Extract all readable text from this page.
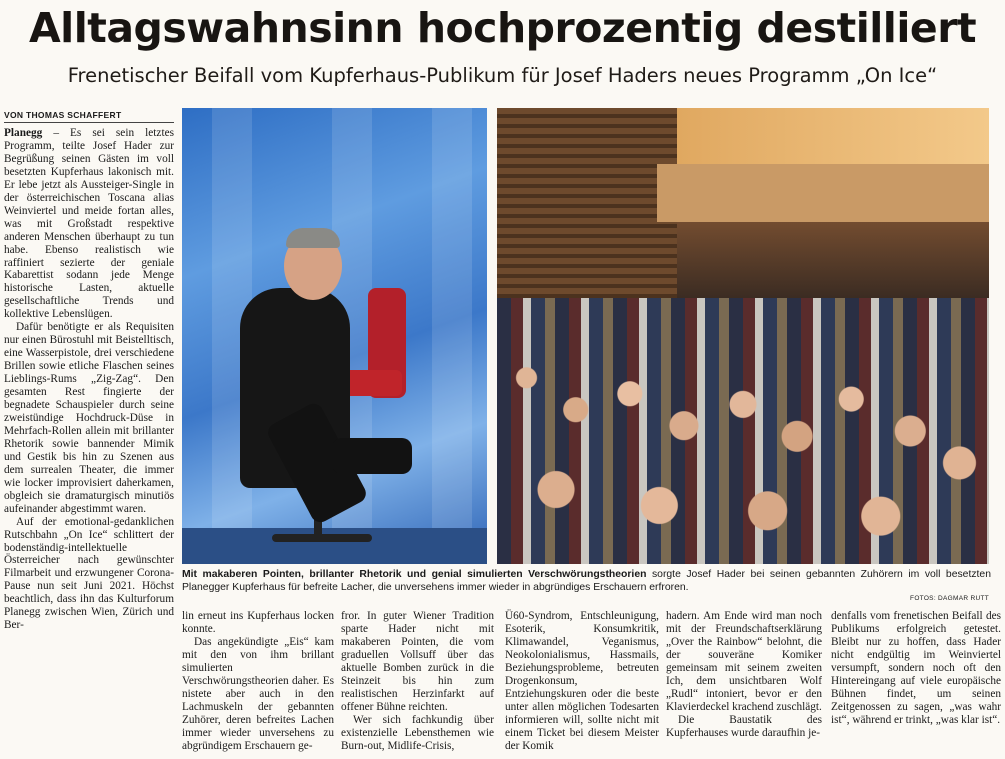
Alltagswahnsinn hochprozentig destilliert
Frenetischer Beifall vom Kupferhaus-Publikum für Josef Haders neues Programm „On Ice“
VON THOMAS SCHAFFERT

Planegg – Es sei sein letztes Programm, teilte Josef Hader zur Begrüßung seinen Gästen im voll besetzten Kupferhaus lakonisch mit. Er lebe jetzt als Aussteiger-Single in der österreichischen Toscana alias Weinviertel und meide fortan alles, was mit Großstadt respektive anderen Menschen überhaupt zu tun habe. Ebenso realistisch wie raffiniert sezierte der geniale Kabarettist sodann jede Menge historische Lasten, aktuelle gesellschaftliche Trends und kollektive Lebenslügen.

Dafür benötigte er als Requisiten nur einen Bürostuhl mit Beistelltisch, eine Wasserpistole, drei verschiedene Brillen sowie etliche Flaschen seines Lieblings-Rums „Zig-Zag“. Den gesamten Rest fingierte der begnadete Schauspieler durch seine zweistündige Hochdruck-Düse in Mehrfach-Rollen allein mit brillanter Rhetorik sowie bannender Mimik und Gestik bis hin zu Szenen aus dem surrealen Theater, die immer wie locker improvisiert daherkamen, obgleich sie dramaturgisch minutiös aufeinander abgestimmt waren.

Auf der emotional-gedanklichen Rutschbahn „On Ice“ schlittert der bodenständig-intellektuelle Österreicher nach gewünschter Filmarbeit und erzwungener Corona-Pause nun seit Juni 2021. Höchst beachtlich, dass ihn das Kulturforum Planegg zwischen Wien, Zürich und Ber-

Mit makaberen Pointen, brillanter Rhetorik und genial simulierten Verschwörungstheorien sorgte Josef Hader bei seinen gebannten Zuhörern im voll besetzten Planegger Kupferhaus für befreite Lacher, die unversehens immer wieder in abgründiges Erschauern erfroren.
FOTOS: DAGMAR RUTT

lin erneut ins Kupferhaus locken konnte.

Das angekündigte „Eis“ kam mit den von ihm brillant simulierten Verschwörungstheorien daher. Es nistete aber auch in den Lachmuskeln der gebannten Zuhörer, deren befreites Lachen immer wieder unversehens zu abgründigem Erschauern ge-

fror. In guter Wiener Tradition sparte Hader nicht mit makaberen Pointen, die vom graduellen Vollsuff über das aktuelle Bomben zurück in die Steinzeit bis hin zum realistischen Herzinfarkt auf offener Bühne reichten.

Wer sich fachkundig über existenzielle Lebensthemen wie Burn-out, Midlife-Crisis,

Ü60-Syndrom, Entschleunigung, Esoterik, Konsumkritik, Klimawandel, Veganismus, Neokolonialismus, Hassmails, Beziehungsprobleme, betreuten Drogenkonsum, Entziehungskuren oder die beste unter allen möglichen Todesarten informieren will, sollte nicht mit einem Ticket bei diesem Meister der Komik

hadern. Am Ende wird man noch mit der Freundschaftserklärung „Over the Rainbow“ belohnt, die der souveräne Komiker gemeinsam mit seinem zweiten Ich, dem unsichtbaren Wolf „Rudl“ intoniert, bevor er den Klavierdeckel krachend zuschlägt.

Die Baustatik des Kupferhauses wurde daraufhin je-

denfalls vom frenetischen Beifall des Publikums erfolgreich getestet. Bleibt nur zu hoffen, dass Hader nicht endgültig im Weinviertel versumpft, sondern noch oft den Hintereingang auf viele europäische Bühnen findet, um seinen Zeitgenossen zu sagen, „was wahr ist“, während er trinkt, „was klar ist“.
